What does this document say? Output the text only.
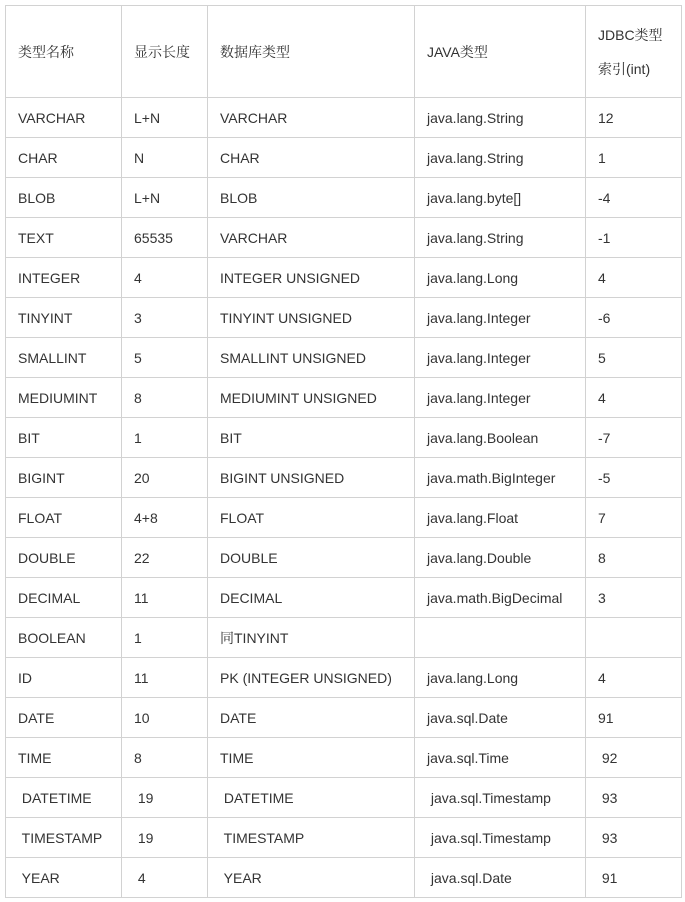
类型名称	显示长度	数据库类型	JAVA类型	JDBC类型
索引(int)
VARCHAR	L+N	VARCHAR	java.lang.String	12
CHAR	N	CHAR	java.lang.String	1
BLOB	L+N	BLOB	java.lang.byte[]	-4
TEXT	65535	VARCHAR	java.lang.String	-1
INTEGER	4	INTEGER UNSIGNED	java.lang.Long	4
TINYINT	3	TINYINT UNSIGNED	java.lang.Integer	-6
SMALLINT	5	SMALLINT UNSIGNED	java.lang.Integer	5
MEDIUMINT	8	MEDIUMINT UNSIGNED	java.lang.Integer	4
BIT	1	BIT	java.lang.Boolean	-7
BIGINT	20	BIGINT UNSIGNED	java.math.BigInteger	-5
FLOAT	4+8	FLOAT	java.lang.Float	7
DOUBLE	22	DOUBLE	java.lang.Double	8
DECIMAL	11	DECIMAL	java.math.BigDecimal	3
BOOLEAN	1	同TINYINT		
ID	11	PK (INTEGER UNSIGNED)	java.lang.Long	4
DATE	10	DATE	java.sql.Date	91
TIME	8	TIME	java.sql.Time	92
DATETIME	19	DATETIME	java.sql.Timestamp	93
TIMESTAMP	19	TIMESTAMP	java.sql.Timestamp	93
YEAR	4	YEAR	java.sql.Date	91
